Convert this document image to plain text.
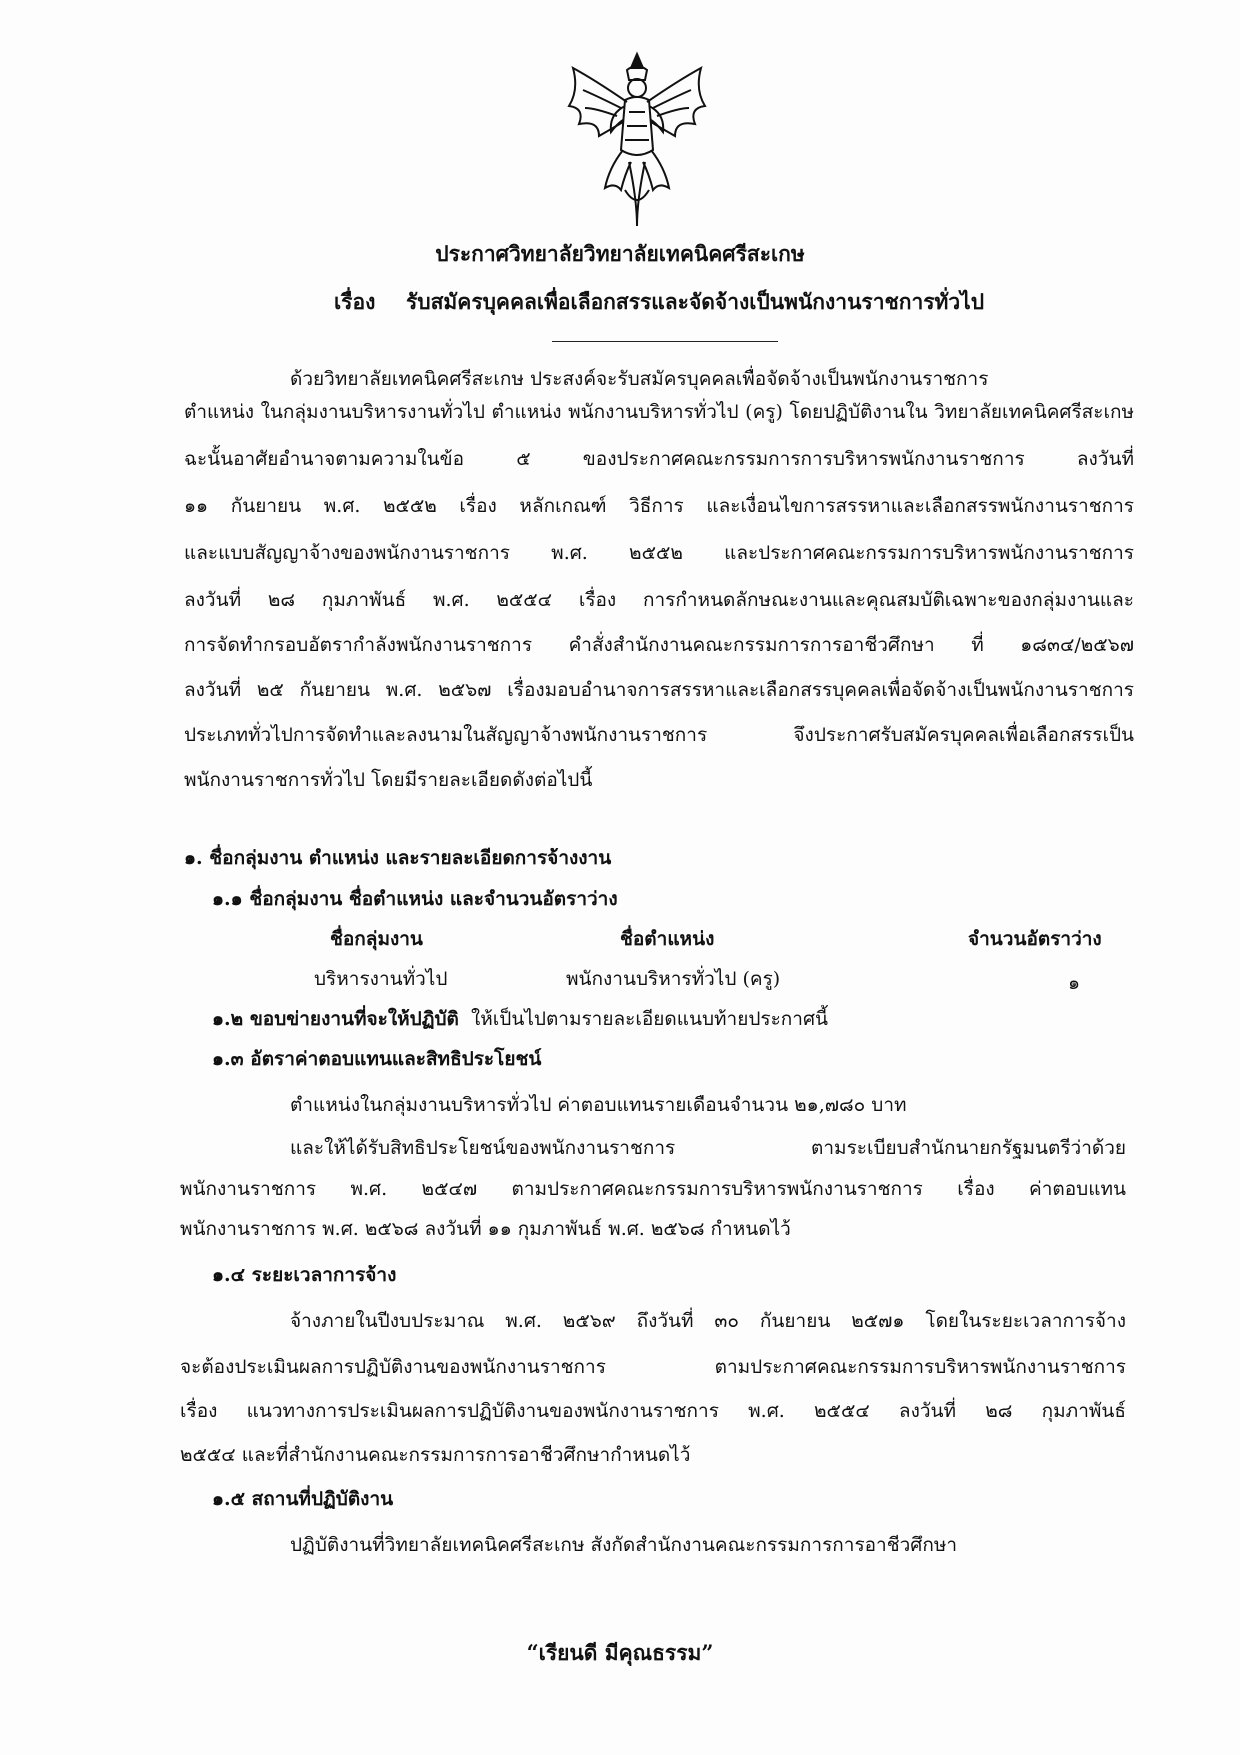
ประกาศวิทยาลัยวิทยาลัยเทคนิคศรีสะเกษ
เรื่อง รับสมัครบุคคลเพื่อเลือกสรรและจัดจ้างเป็นพนักงานราชการทั่วไป
ด้วยวิทยาลัยเทคนิคศรีสะเกษ ประสงค์จะรับสมัครบุคคลเพื่อจัดจ้างเป็นพนักงานราชการ
ตำแหน่ง ในกลุ่มงานบริหารงานทั่วไป ตำแหน่ง พนักงานบริหารทั่วไป (ครู) โดยปฏิบัติงานใน วิทยาลัยเทคนิคศรีสะเกษ
ฉะนั้นอาศัยอำนาจตามความในข้อ ๕ ของประกาศคณะกรรมการการบริหารพนักงานราชการ ลงวันที่
๑๑ กันยายน พ.ศ. ๒๕๕๒ เรื่อง หลักเกณฑ์ วิธีการ และเงื่อนไขการสรรหาและเลือกสรรพนักงานราชการ
และแบบสัญญาจ้างของพนักงานราชการ พ.ศ. ๒๕๕๒ และประกาศคณะกรรมการบริหารพนักงานราชการ
ลงวันที่ ๒๘ กุมภาพันธ์ พ.ศ. ๒๕๕๔ เรื่อง การกำหนดลักษณะงานและคุณสมบัติเฉพาะของกลุ่มงานและ
การจัดทำกรอบอัตรากำลังพนักงานราชการ คำสั่งสำนักงานคณะกรรมการการอาชีวศึกษา ที่ ๑๘๓๔/๒๕๖๗
ลงวันที่ ๒๕ กันยายน พ.ศ. ๒๕๖๗ เรื่องมอบอำนาจการสรรหาและเลือกสรรบุคคลเพื่อจัดจ้างเป็นพนักงานราชการ
ประเภททั่วไปการจัดทำและลงนามในสัญญาจ้างพนักงานราชการ จึงประกาศรับสมัครบุคคลเพื่อเลือกสรรเป็น
พนักงานราชการทั่วไป โดยมีรายละเอียดดังต่อไปนี้
๑. ชื่อกลุ่มงาน ตำแหน่ง และรายละเอียดการจ้างงาน
๑.๑ ชื่อกลุ่มงาน ชื่อตำแหน่ง และจำนวนอัตราว่าง
ชื่อกลุ่มงาน	ชื่อตำแหน่ง	จำนวนอัตราว่าง
บริหารงานทั่วไป	พนักงานบริหารทั่วไป (ครู)	๑
๑.๒ ขอบข่ายงานที่จะให้ปฏิบัติ ให้เป็นไปตามรายละเอียดแนบท้ายประกาศนี้
๑.๓ อัตราค่าตอบแทนและสิทธิประโยชน์
ตำแหน่งในกลุ่มงานบริหารทั่วไป ค่าตอบแทนรายเดือนจำนวน ๒๑,๗๘๐ บาท
และให้ได้รับสิทธิประโยชน์ของพนักงานราชการ ตามระเบียบสำนักนายกรัฐมนตรีว่าด้วย
พนักงานราชการ พ.ศ. ๒๕๔๗ ตามประกาศคณะกรรมการบริหารพนักงานราชการ เรื่อง ค่าตอบแทน
พนักงานราชการ พ.ศ. ๒๕๖๘ ลงวันที่ ๑๑ กุมภาพันธ์ พ.ศ. ๒๕๖๘ กำหนดไว้
๑.๔ ระยะเวลาการจ้าง
จ้างภายในปีงบประมาณ พ.ศ. ๒๕๖๙ ถึงวันที่ ๓๐ กันยายน ๒๕๗๑ โดยในระยะเวลาการจ้าง
จะต้องประเมินผลการปฏิบัติงานของพนักงานราชการ ตามประกาศคณะกรรมการบริหารพนักงานราชการ
เรื่อง แนวทางการประเมินผลการปฏิบัติงานของพนักงานราชการ พ.ศ. ๒๕๕๔ ลงวันที่ ๒๘ กุมภาพันธ์
๒๕๕๔ และที่สำนักงานคณะกรรมการการอาชีวศึกษากำหนดไว้
๑.๕ สถานที่ปฏิบัติงาน
ปฏิบัติงานที่วิทยาลัยเทคนิคศรีสะเกษ สังกัดสำนักงานคณะกรรมการการอาชีวศึกษา
“เรียนดี มีคุณธรรม”
